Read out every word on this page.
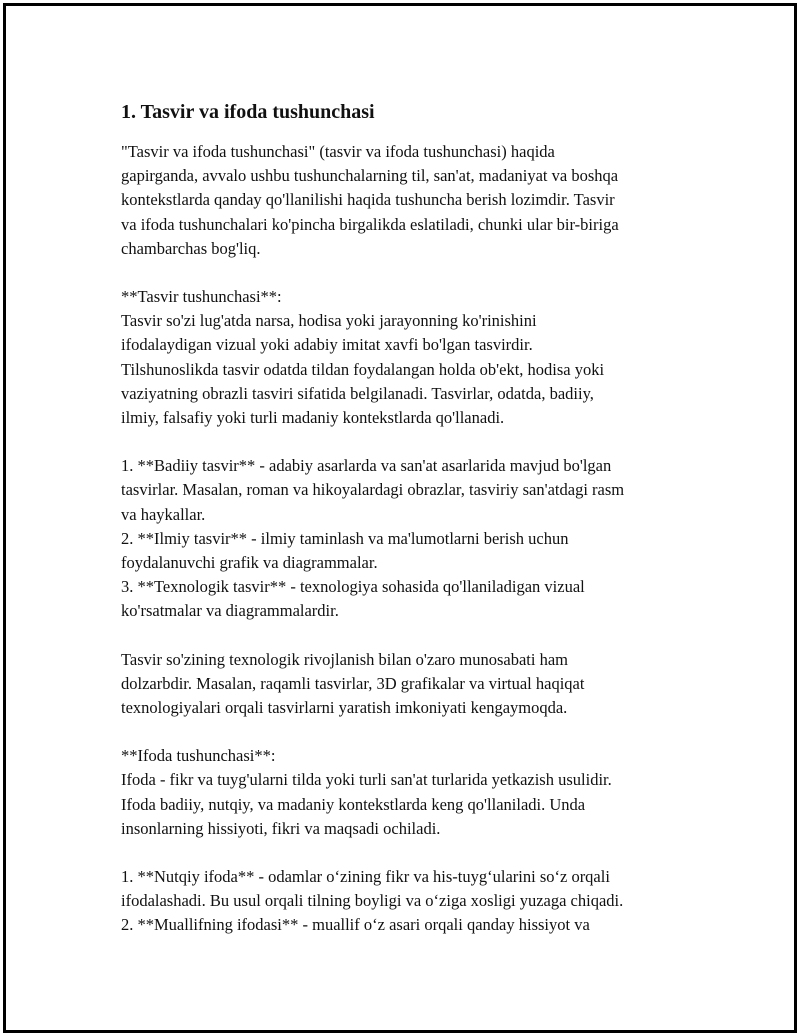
1. Tasvir va ifoda tushunchasi
"Tasvir va ifoda tushunchasi" (tasvir va ifoda tushunchasi) haqida
gapirganda, avvalo ushbu tushunchalarning til, san'at, madaniyat va boshqa
kontekstlarda qanday qo'llanilishi haqida tushuncha berish lozimdir. Tasvir
va ifoda tushunchalari ko'pincha birgalikda eslatiladi, chunki ular bir-biriga
chambarchas bog'liq.
**Tasvir tushunchasi**:
Tasvir so'zi lug'atda narsa, hodisa yoki jarayonning ko'rinishini
ifodalaydigan vizual yoki adabiy imitat xavfi bo'lgan tasvirdir.
Tilshunoslikda tasvir odatda tildan foydalangan holda ob'ekt, hodisa yoki
vaziyatning obrazli tasviri sifatida belgilanadi. Tasvirlar, odatda, badiiy,
ilmiy, falsafiy yoki turli madaniy kontekstlarda qo'llanadi.
1. **Badiiy tasvir** - adabiy asarlarda va san'at asarlarida mavjud bo'lgan
tasvirlar. Masalan, roman va hikoyalardagi obrazlar, tasviriy san'atdagi rasm
va haykallar.
2. **Ilmiy tasvir** - ilmiy taminlash va ma'lumotlarni berish uchun
foydalanuvchi grafik va diagrammalar.
3. **Texnologik tasvir** - texnologiya sohasida qo'llaniladigan vizual
ko'rsatmalar va diagrammalardir.
Tasvir so'zining texnologik rivojlanish bilan o'zaro munosabati ham
dolzarbdir. Masalan, raqamli tasvirlar, 3D grafikalar va virtual haqiqat
texnologiyalari orqali tasvirlarni yaratish imkoniyati kengaymoqda.
**Ifoda tushunchasi**:
Ifoda - fikr va tuyg'ularni tilda yoki turli san'at turlarida yetkazish usulidir.
Ifoda badiiy, nutqiy, va madaniy kontekstlarda keng qo'llaniladi. Unda
insonlarning hissiyoti, fikri va maqsadi ochiladi.
1. **Nutqiy ifoda** - odamlar o‘zining fikr va his-tuyg‘ularini so‘z orqali
ifodalashadi. Bu usul orqali tilning boyligi va o‘ziga xosligi yuzaga chiqadi.
2. **Muallifning ifodasi** - muallif o‘z asari orqali qanday hissiyot va
